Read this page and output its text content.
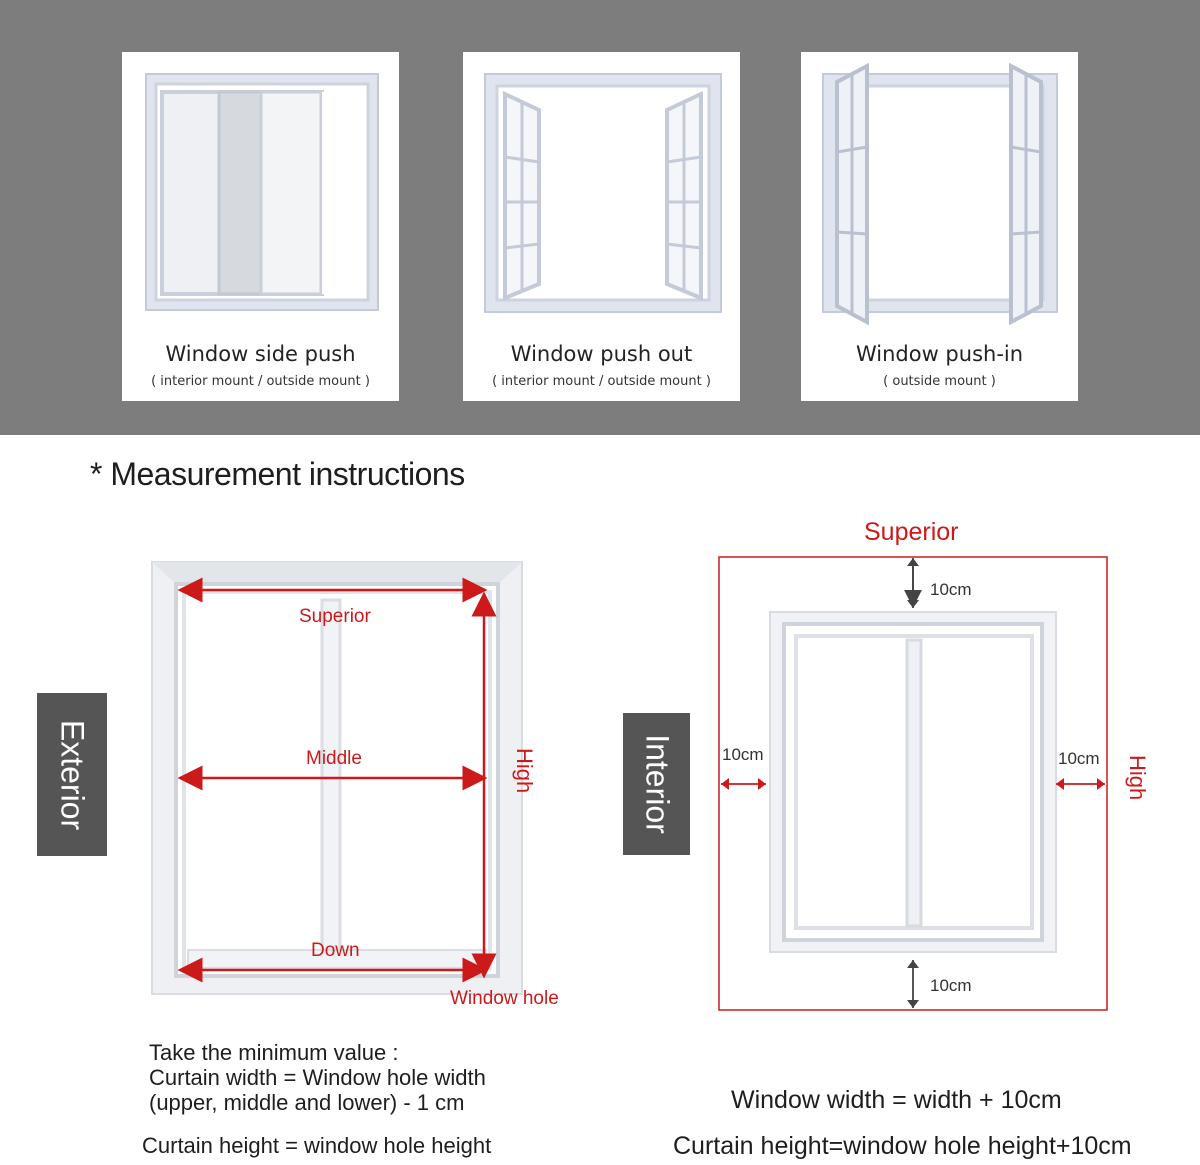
Window side push
( interior mount / outside mount )
Window push out
( interior mount / outside mount )
Window push-in
( outside mount )
* Measurement instructions
Exterior
Superior
Middle
Down
High
Window hole
Interior
Superior
10cm
10cm	10cm
10cm
High
Take the minimum value :
Curtain width = Window hole width
(upper, middle and lower) - 1 cm
Curtain height = window hole height
Window width = width + 10cm
Curtain height=window hole height+10cm
